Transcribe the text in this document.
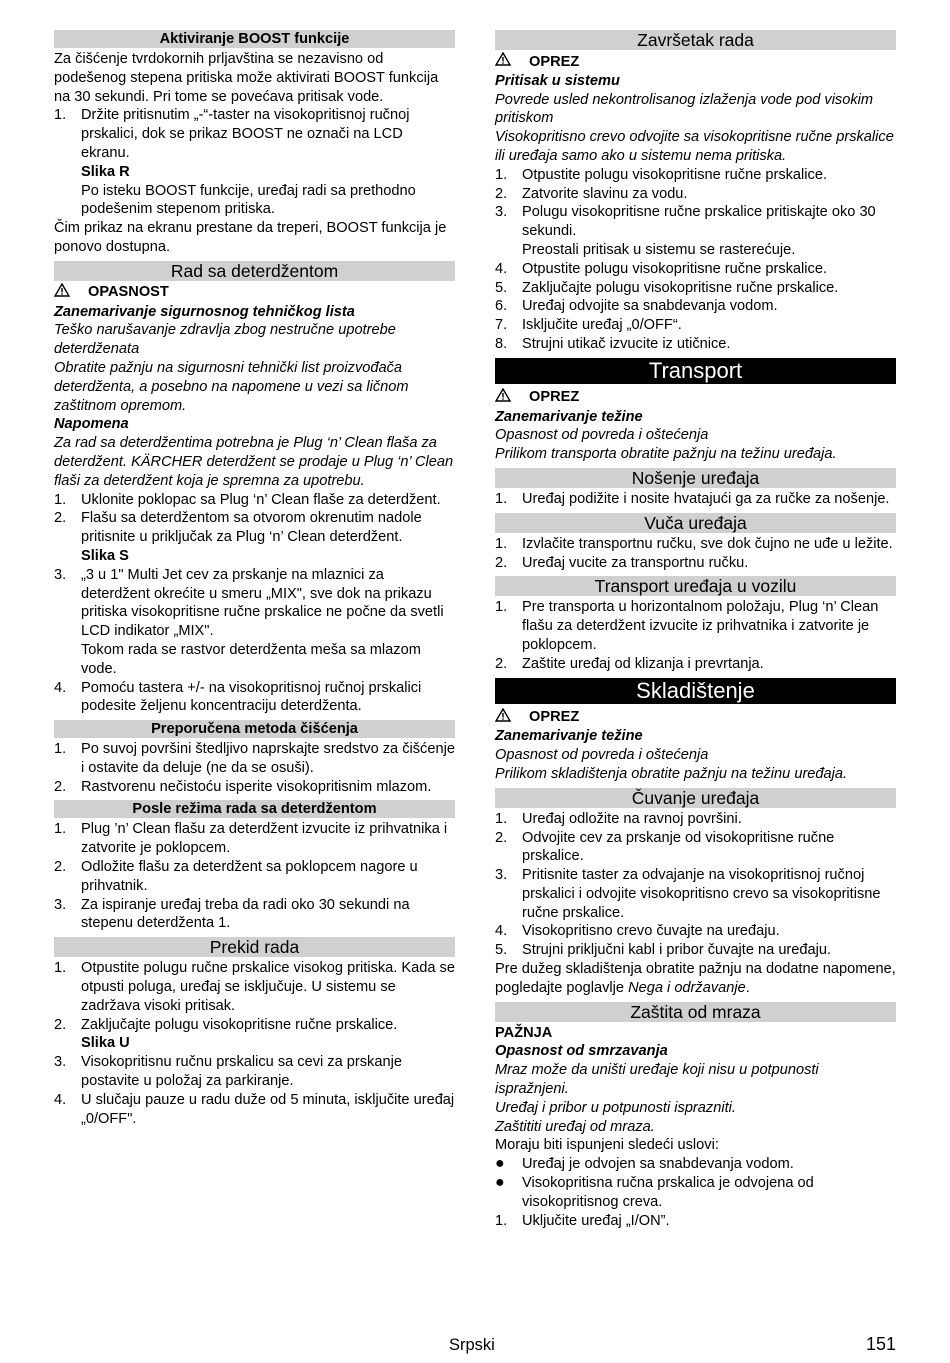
Aktiviranje BOOST funkcije

Za čišćenje tvrdokornih prljavština se nezavisno od podešenog stepena pritiska može aktivirati BOOST funkcija na 30 sekundi. Pri tome se povećava pritisak vode.

1.	Držite pritisnutim „-“-taster na visokopritisnoj ručnoj prskalici, dok se prikaz BOOST ne označi na LCD ekranu.

Slika R

Po isteku BOOST funkcije, uređaj radi sa prethodno podešenim stepenom pritiska.

Čim prikaz na ekranu prestane da treperi, BOOST funkcija je ponovo dostupna.

Rad sa deterdžentom

OPASNOST

Zanemarivanje sigurnosnog tehničkog lista

Teško narušavanje zdravlja zbog nestručne upotrebe deterdženata

Obratite pažnju na sigurnosni tehnički list proizvođača deterdženta, a posebno na napomene u vezi sa ličnom zaštitnom opremom.

Napomena

Za rad sa deterdžentima potrebna je Plug ‘n’ Clean flaša za deterdžent. KÄRCHER deterdžent se prodaje u Plug ‘n’ Clean flaši za deterdžent koja je spremna za upotrebu.

1.	Uklonite poklopac sa Plug ‘n’ Clean flaše za deterdžent.
2.	Flašu sa deterdžentom sa otvorom okrenutim nadole pritisnite u priključak za Plug ‘n’ Clean deterdžent.

Slika S

3.	„3 u 1" Multi Jet cev za prskanje na mlaznici za deterdžent okrećite u smeru „MIX", sve dok na prikazu pritiska visokopritisne ručne prskalice ne počne da svetli LCD indikator „MIX".

Tokom rada se rastvor deterdženta meša sa mlazom vode.

4.	Pomoću tastera +/- na visokopritisnoj ručnoj prskalici podesite željenu koncentraciju deterdženta.
Preporučena metoda čišćenja
1.	Po suvoj površini štedljivo naprskajte sredstvo za čišćenje i ostavite da deluje (ne da se osuši).
2.	Rastvorenu nečistoću isperite visokopritisnim mlazom.
Posle režima rada sa deterdžentom
1.	Plug ’n’ Clean flašu za deterdžent izvucite iz prihvatnika i zatvorite je poklopcem.
2.	Odložite flašu za deterdžent sa poklopcem nagore u prihvatnik.
3.	Za ispiranje uređaj treba da radi oko 30 sekundi na stepenu deterdženta 1.
Prekid rada
1.	Otpustite polugu ručne prskalice visokog pritiska. Kada se otpusti poluga, uređaj se isključuje. U sistemu se zadržava visoki pritisak.
2.	Zaključajte polugu visokopritisne ručne prskalice.

Slika U

3.	Visokopritisnu ručnu prskalicu sa cevi za prskanje postavite u položaj za parkiranje.
4.	U slučaju pauze u radu duže od 5 minuta, isključite uređaj „0/OFF".
Završetak rada

OPREZ

Pritisak u sistemu

Povrede usled nekontrolisanog izlaženja vode pod visokim pritiskom

Visokopritisno crevo odvojite sa visokopritisne ručne prskalice ili uređaja samo ako u sistemu nema pritiska.

1.	Otpustite polugu visokopritisne ručne prskalice.
2.	Zatvorite slavinu za vodu.
3.	Polugu visokopritisne ručne prskalice pritiskajte oko 30 sekundi.

Preostali pritisak u sistemu se rasterećuje.

4.	Otpustite polugu visokopritisne ručne prskalice.
5.	Zaključajte polugu visokopritisne ručne prskalice.
6.	Uređaj odvojite sa snabdevanja vodom.
7.	Isključite uređaj „0/OFF“.
8.	Strujni utikač izvucite iz utičnice.
Transport

OPREZ

Zanemarivanje težine

Opasnost od povreda i oštećenja

Prilikom transporta obratite pažnju na težinu uređaja.

Nošenje uređaja
1.	Uređaj podižite i nosite hvatajući ga za ručke za nošenje.
Vuča uređaja
1.	Izvlačite transportnu ručku, sve dok čujno ne uđe u ležite.
2.	Uređaj vucite za transportnu ručku.
Transport uređaja u vozilu
1.	Pre transporta u horizontalnom položaju, Plug ‘n’ Clean flašu za deterdžent izvucite iz prihvatnika i zatvorite je poklopcem.
2.	Zaštite uređaj od klizanja i prevrtanja.
Skladištenje

OPREZ

Zanemarivanje težine

Opasnost od povreda i oštećenja

Prilikom skladištenja obratite pažnju na težinu uređaja.

Čuvanje uređaja
1.	Uređaj odložite na ravnoj površini.
2.	Odvojite cev za prskanje od visokopritisne ručne prskalice.
3.	Pritisnite taster za odvajanje na visokopritisnoj ručnoj prskalici i odvojite visokopritisno crevo sa visokopritisne ručne prskalice.
4.	Visokopritisno crevo čuvajte na uređaju.
5.	Strujni priključni kabl i pribor čuvajte na uređaju.

Pre dužeg skladištenja obratite pažnju na dodatne napomene, pogledajte poglavlje Nega i održavanje.

Zaštita od mraza

PAŽNJA

Opasnost od smrzavanja

Mraz može da uništi uređaje koji nisu u potpunosti ispražnjeni.

Uređaj i pribor u potpunosti isprazniti.

Zaštititi uređaj od mraza.

Moraju biti ispunjeni sledeći uslovi:

●	Uređaj je odvojen sa snabdevanja vodom.
●	Visokopritisna ručna prskalica je odvojena od visokopritisnog creva.
1.	Uključite uređaj „I/ON”.
Srpski	151
